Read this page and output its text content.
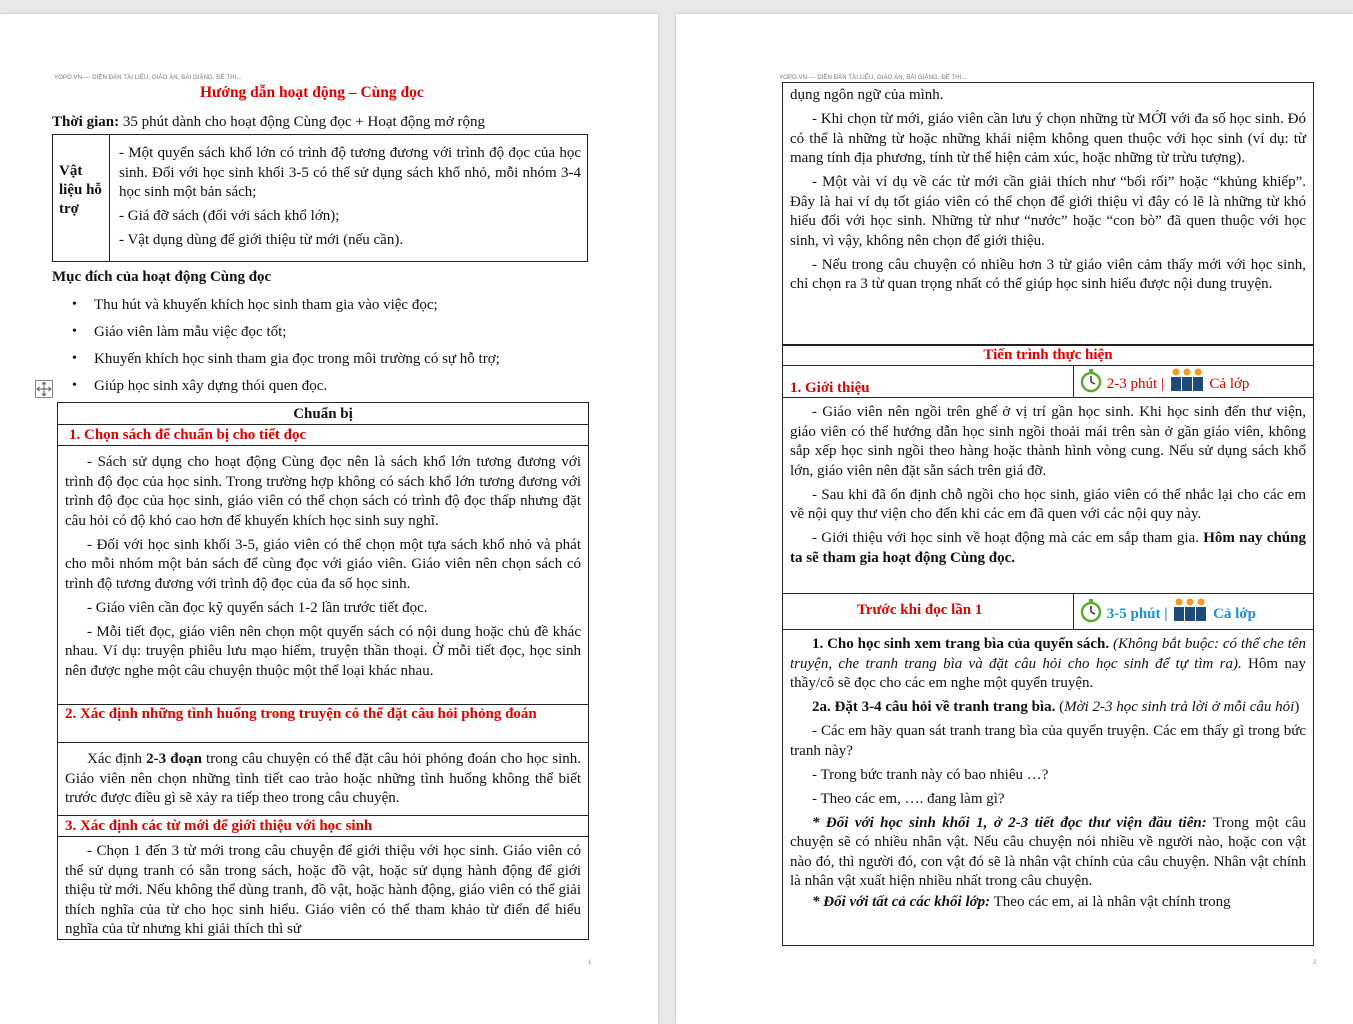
YOPO.VN---- DIỄN ĐÀN TÀI LIỆU, GIÁO ÁN, BÀI GIẢNG, ĐỀ THI...
Hướng dẫn hoạt động – Cùng đọc
Thời gian: 35 phút dành cho hoạt động Cùng đọc + Hoạt động mở rộng
Vật liệu hỗ trợ

- Một quyển sách khổ lớn có trình độ tương đương với trình độ đọc của học sinh. Đối với học sinh khối 3-5 có thể sử dụng sách khổ nhỏ, mỗi nhóm 3-4 học sinh một bản sách;

- Giá đỡ sách (đối với sách khổ lớn);

- Vật dụng dùng để giới thiệu từ mới (nếu cần).

Mục đích của hoạt động Cùng đọc
• Thu hút và khuyến khích học sinh tham gia vào việc đọc;
• Giáo viên làm mẫu việc đọc tốt;
• Khuyến khích học sinh tham gia đọc trong môi trường có sự hỗ trợ;
• Giúp học sinh xây dựng thói quen đọc.
Chuẩn bị
1. Chọn sách để chuẩn bị cho tiết đọc

- Sách sử dụng cho hoạt động Cùng đọc nên là sách khổ lớn tương đương với trình độ đọc của học sinh. Trong trường hợp không có sách khổ lớn tương đương với trình độ đọc của học sinh, giáo viên có thể chọn sách có trình độ đọc thấp nhưng đặt câu hỏi có độ khó cao hơn để khuyến khích học sinh suy nghĩ.

- Đối với học sinh khối 3-5, giáo viên có thể chọn một tựa sách khổ nhỏ và phát cho mỗi nhóm một bản sách để cùng đọc với giáo viên. Giáo viên nên chọn sách có trình độ tương đương với trình độ đọc của đa số học sinh.

- Giáo viên cần đọc kỹ quyển sách 1-2 lần trước tiết đọc.

- Mỗi tiết đọc, giáo viên nên chọn một quyển sách có nội dung hoặc chủ đề khác nhau. Ví dụ: truyện phiêu lưu mạo hiểm, truyện thần thoại. Ở mỗi tiết đọc, học sinh nên được nghe một câu chuyện thuộc một thể loại khác nhau.

2. Xác định những tình huống trong truyện có thể đặt câu hỏi phỏng đoán

Xác định 2-3 đoạn trong câu chuyện có thể đặt câu hỏi phỏng đoán cho học sinh. Giáo viên nên chọn những tình tiết cao trào hoặc những tình huống không thể biết trước được điều gì sẽ xảy ra tiếp theo trong câu chuyện.

3. Xác định các từ mới để giới thiệu với học sinh

- Chọn 1 đến 3 từ mới trong câu chuyện để giới thiệu với học sinh. Giáo viên có thể sử dụng tranh có sẵn trong sách, hoặc đồ vật, hoặc sử dụng hành động để giới thiệu từ mới. Nếu không thể dùng tranh, đồ vật, hoặc hành động, giáo viên có thể giải thích nghĩa của từ cho học sinh hiểu. Giáo viên có thể tham khảo từ điển để hiểu nghĩa của từ nhưng khi giải thích thì sử

1
YOPO.VN---- DIỄN ĐÀN TÀI LIỆU, GIÁO ÁN, BÀI GIẢNG, ĐỀ THI...

dụng ngôn ngữ của mình.

- Khi chọn từ mới, giáo viên cần lưu ý chọn những từ MỚI với đa số học sinh. Đó có thể là những từ hoặc những khái niệm không quen thuộc với học sinh (ví dụ: từ mang tính địa phương, tính từ thể hiện cảm xúc, hoặc những từ trừu tượng).

- Một vài ví dụ về các từ mới cần giải thích như “bối rối” hoặc “khủng khiếp”. Đây là hai ví dụ tốt giáo viên có thể chọn để giới thiệu vì đây có lẽ là những từ khó hiểu đối với học sinh. Những từ như “nước” hoặc “con bò” đã quen thuộc với học sinh, vì vậy, không nên chọn để giới thiệu.

- Nếu trong câu chuyện có nhiều hơn 3 từ giáo viên cảm thấy mới với học sinh, chỉ chọn ra 3 từ quan trọng nhất có thể giúp học sinh hiểu được nội dung truyện.

Tiến trình thực hiện
1. Giới thiệu	2-3 phút |	Cả lớp

- Giáo viên nên ngồi trên ghế ở vị trí gần học sinh. Khi học sinh đến thư viện, giáo viên có thể hướng dẫn học sinh ngồi thoải mái trên sàn ở gần giáo viên, không sắp xếp học sinh ngồi theo hàng hoặc thành hình vòng cung. Nếu sử dụng sách khổ lớn, giáo viên nên đặt sẵn sách trên giá đỡ.

- Sau khi đã ổn định chỗ ngồi cho học sinh, giáo viên có thể nhắc lại cho các em về nội quy thư viện cho đến khi các em đã quen với các nội quy này.

- Giới thiệu với học sinh về hoạt động mà các em sắp tham gia. Hôm nay chúng ta sẽ tham gia hoạt động Cùng đọc.

Trước khi đọc lần 1	3-5 phút |	Cả lớp

1. Cho học sinh xem trang bìa của quyển sách. (Không bắt buộc: có thể che tên truyện, che tranh trang bìa và đặt câu hỏi cho học sinh để tự tìm ra). Hôm nay thầy/cô sẽ đọc cho các em nghe một quyển truyện.

2a. Đặt 3-4 câu hỏi về tranh trang bìa. (Mời 2-3 học sinh trả lời ở mỗi câu hỏi)

- Các em hãy quan sát tranh trang bìa của quyển truyện. Các em thấy gì trong bức tranh này?

- Trong bức tranh này có bao nhiêu …?

- Theo các em, …. đang làm gì?

* Đối với học sinh khối 1, ở 2-3 tiết đọc thư viện đầu tiên: Trong một câu chuyện sẽ có nhiều nhân vật. Nếu câu chuyện nói nhiều về người nào, hoặc con vật nào đó, thì người đó, con vật đó sẽ là nhân vật chính của câu chuyện. Nhân vật chính là nhân vật xuất hiện nhiều nhất trong câu chuyện.

* Đối với tất cả các khối lớp: Theo các em, ai là nhân vật chính trong

2
